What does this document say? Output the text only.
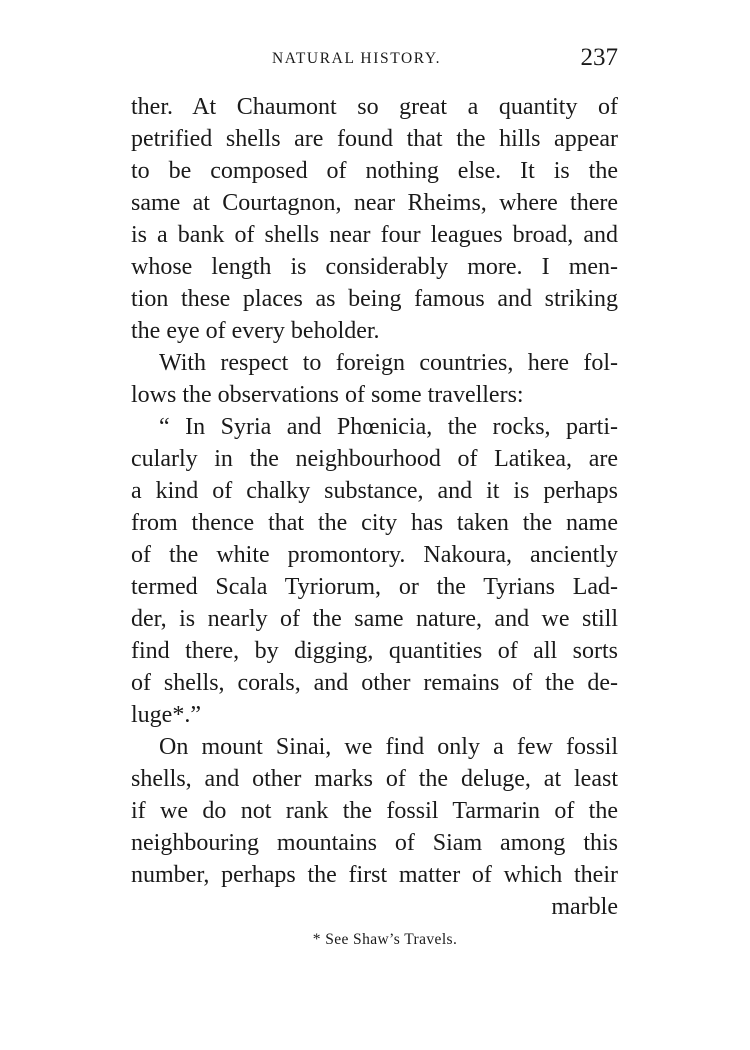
NATURAL HISTORY.	237
ther. At Chaumont so great a quantity of
petrified shells are found that the hills appear
to be composed of nothing else. It is the
same at Courtagnon, near Rheims, where there
is a bank of shells near four leagues broad, and
whose length is considerably more. I men-
tion these places as being famous and striking
the eye of every beholder.
With respect to foreign countries, here fol-
lows the observations of some travellers:
“ In Syria and Phœnicia, the rocks, parti-
cularly in the neighbourhood of Latikea, are
a kind of chalky substance, and it is perhaps
from thence that the city has taken the name
of the white promontory. Nakoura, anciently
termed Scala Tyriorum, or the Tyrians Lad-
der, is nearly of the same nature, and we still
find there, by digging, quantities of all sorts
of shells, corals, and other remains of the de-
luge*.”
On mount Sinai, we find only a few fossil
shells, and other marks of the deluge, at least
if we do not rank the fossil Tarmarin of the
neighbouring mountains of Siam among this
number, perhaps the first matter of which their
marble
* See Shaw’s Travels.
